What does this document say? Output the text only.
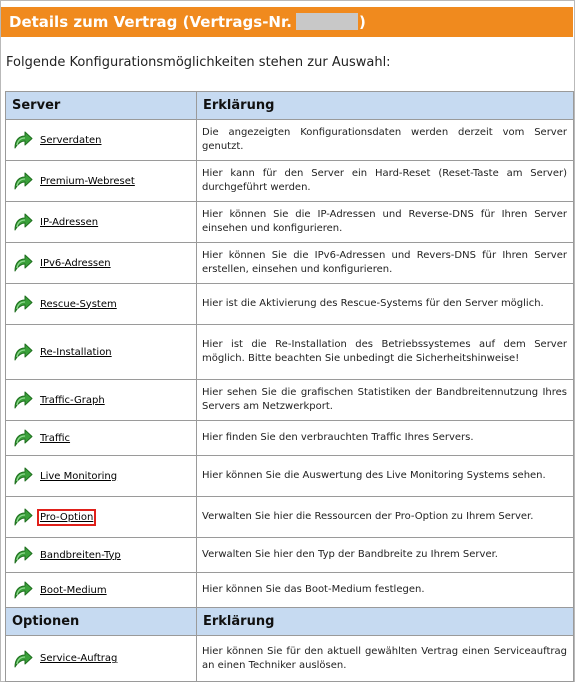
Details zum Vertrag (Vertrags-Nr.	)
Folgende Konfigurationsmöglichkeiten stehen zur Auswahl:
Server	Erklärung

Serverdaten	Die angezeigten Konfigurationsdaten werden derzeit vom Server genutzt.

Premium-Webreset	Hier kann für den Server ein Hard-Reset (Reset-Taste am Server) durchgeführt werden.

IP-Adressen	Hier können Sie die IP-Adressen und Reverse-DNS für Ihren Server einsehen und konfigurieren.

IPv6-Adressen	Hier können Sie die IPv6-Adressen und Revers-DNS für Ihren Server erstellen, einsehen und konfigurieren.

Rescue-System	Hier ist die Aktivierung des Rescue-Systems für den Server möglich.

Re-Installation	Hier ist die Re-Installation des Betriebssystemes auf dem Server möglich. Bitte beachten Sie unbedingt die Sicherheitshinweise!

Traffic-Graph	Hier sehen Sie die grafischen Statistiken der Bandbreitennutzung Ihres Servers am Netzwerkport.

Traffic	Hier finden Sie den verbrauchten Traffic Ihres Servers.

Live Monitoring	Hier können Sie die Auswertung des Live Monitoring Systems sehen.

Pro-Option	Verwalten Sie hier die Ressourcen der Pro-Option zu Ihrem Server.

Bandbreiten-Typ	Verwalten Sie hier den Typ der Bandbreite zu Ihrem Server.

Boot-Medium	Hier können Sie das Boot-Medium festlegen.
Optionen	Erklärung

Service-Auftrag	Hier können Sie für den aktuell gewählten Vertrag einen Serviceauftrag an einen Techniker auslösen.
